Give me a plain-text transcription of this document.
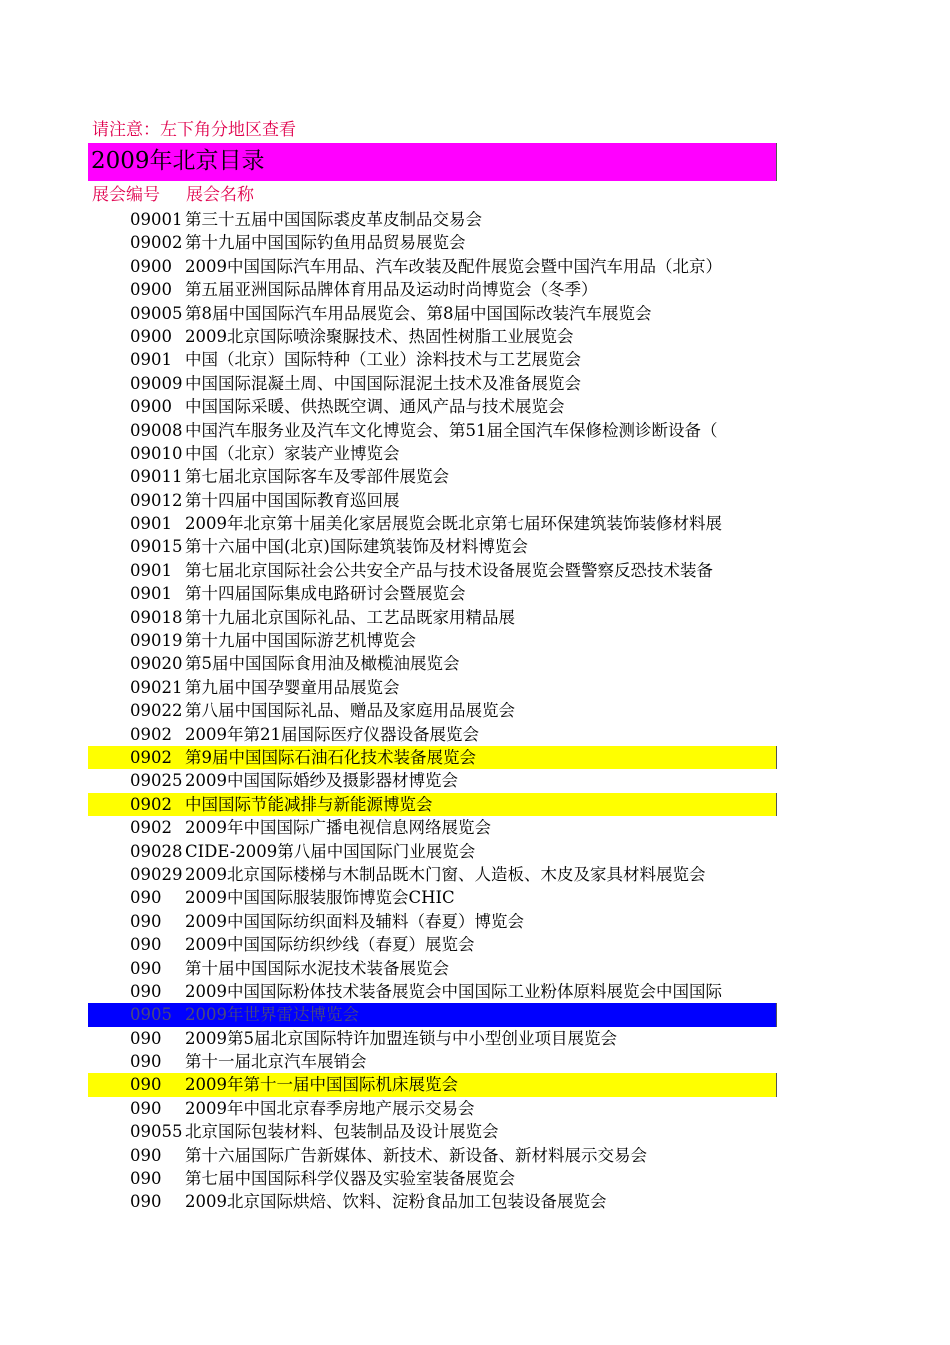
请注意：左下角分地区查看
2009年北京目录
展会编号 展会名称
09001 第三十五届中国国际裘皮革皮制品交易会
09002 第十九届中国国际钓鱼用品贸易展览会
0900 2009中国国际汽车用品、汽车改装及配件展览会暨中国汽车用品（北京）
0900 第五届亚洲国际品牌体育用品及运动时尚博览会（冬季）
09005 第8届中国国际汽车用品展览会、第8届中国国际改装汽车展览会
0900 2009北京国际喷涂聚脲技术、热固性树脂工业展览会
0901 中国（北京）国际特种（工业）涂料技术与工艺展览会
09009 中国国际混凝土周、中国国际混泥土技术及准备展览会
0900 中国国际采暖、供热既空调、通风产品与技术展览会
09008 中国汽车服务业及汽车文化博览会、第51届全国汽车保修检测诊断设备（
09010 中国（北京）家装产业博览会
09011 第七届北京国际客车及零部件展览会
09012 第十四届中国国际教育巡回展
0901 2009年北京第十届美化家居展览会既北京第七届环保建筑装饰装修材料展
09015 第十六届中国(北京)国际建筑装饰及材料博览会
0901 第七届北京国际社会公共安全产品与技术设备展览会暨警察反恐技术装备
0901 第十四届国际集成电路研讨会暨展览会
09018 第十九届北京国际礼品、工艺品既家用精品展
09019 第十九届中国国际游艺机博览会
09020 第5届中国国际食用油及橄榄油展览会
09021 第九届中国孕婴童用品展览会
09022 第八届中国国际礼品、赠品及家庭用品展览会
0902 2009年第21届国际医疗仪器设备展览会
0902 第9届中国国际石油石化技术装备展览会
09025 2009中国国际婚纱及摄影器材博览会
0902 中国国际节能减排与新能源博览会
0902 2009年中国国际广播电视信息网络展览会
09028 CIDE-2009第八届中国国际门业展览会
09029 2009北京国际楼梯与木制品既木门窗、人造板、木皮及家具材料展览会
090	2009中国国际服装服饰博览会CHIC
090	2009中国国际纺织面料及辅料（春夏）博览会
090	2009中国国际纺织纱线（春夏）展览会
090	第十届中国国际水泥技术装备展览会
090	2009中国国际粉体技术装备展览会中国国际工业粉体原料展览会中国国际
0905 2009年世界雷达博览会
090	2009第5届北京国际特许加盟连锁与中小型创业项目展览会
090	第十一届北京汽车展销会
090	2009年第十一届中国国际机床展览会
090	2009年中国北京春季房地产展示交易会
09055 北京国际包装材料、包装制品及设计展览会
090	第十六届国际广告新媒体、新技术、新设备、新材料展示交易会
090	第七届中国国际科学仪器及实验室装备展览会
090	2009北京国际烘焙、饮料、淀粉食品加工包装设备展览会
